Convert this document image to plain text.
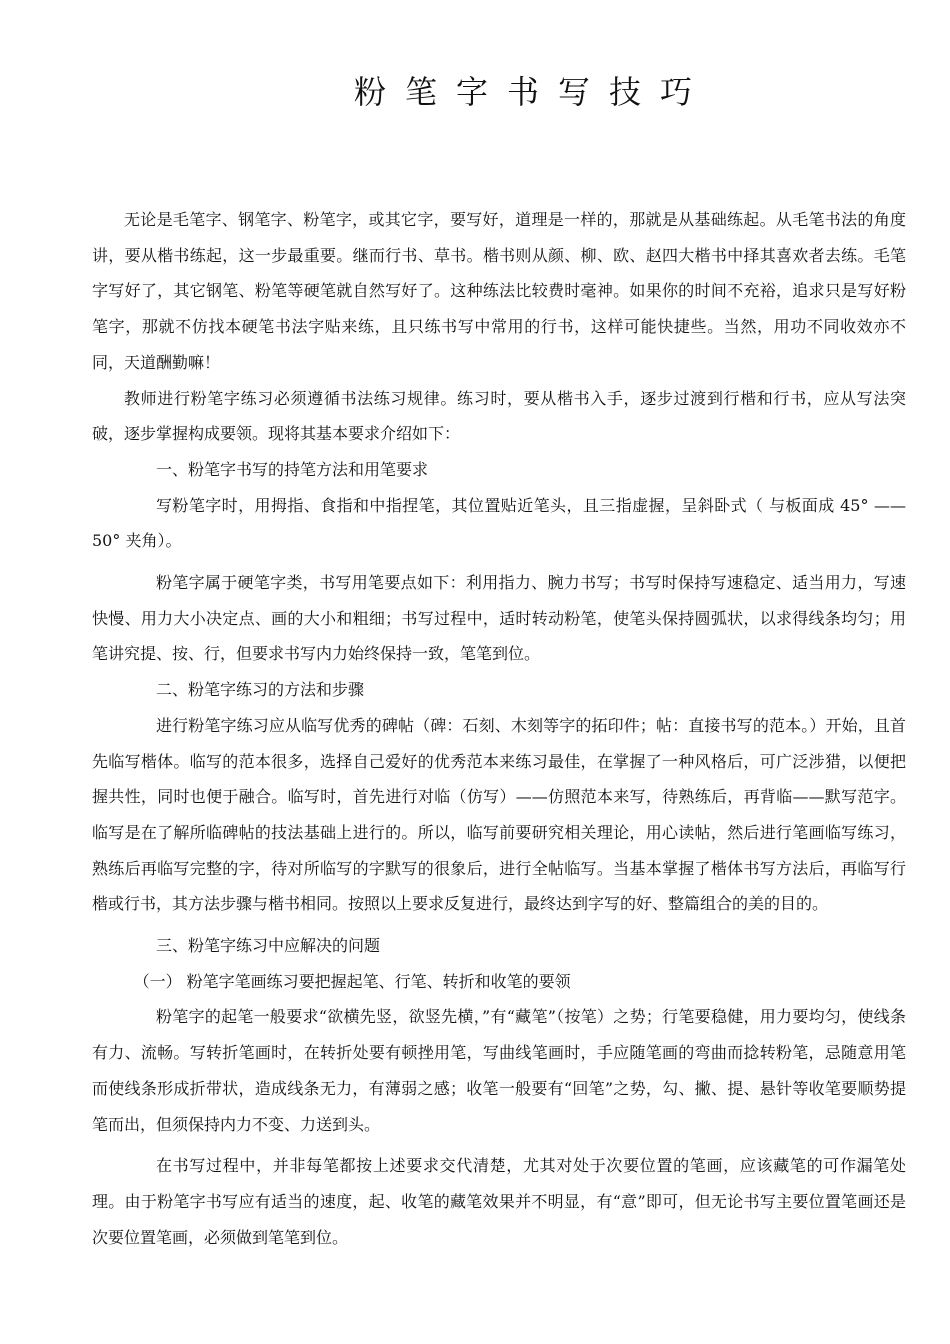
粉笔字书写技巧

无论是毛笔字、钢笔字、粉笔字，或其它字，要写好，道理是一样的，那就是从基础练起。从毛笔书法的角度讲，要从楷书练起，这一步最重要。继而行书、草书。楷书则从颜、柳、欧、赵四大楷书中择其喜欢者去练。毛笔字写好了，其它钢笔、粉笔等硬笔就自然写好了。这种练法比较费时毫神。如果你的时间不充裕，追求只是写好粉笔字，那就不仿找本硬笔书法字贴来练，且只练书写中常用的行书，这样可能快捷些。当然，用功不同收效亦不同，天道酬勤嘛！

教师进行粉笔字练习必须遵循书法练习规律。练习时，要从楷书入手，逐步过渡到行楷和行书，应从写法突破，逐步掌握构成要领。现将其基本要求介绍如下：

一、粉笔字书写的持笔方法和用笔要求

写粉笔字时，用拇指、食指和中指捏笔，其位置贴近笔头，且三指虚握，呈斜卧式（ 与板面成 45° ——50° 夹角）。

粉笔字属于硬笔字类，书写用笔要点如下：利用指力、腕力书写；书写时保持写速稳定、适当用力，写速快慢、用力大小决定点、画的大小和粗细；书写过程中，适时转动粉笔，使笔头保持圆弧状，以求得线条均匀；用笔讲究提、按、行，但要求书写内力始终保持一致，笔笔到位。

二、粉笔字练习的方法和步骤

进行粉笔字练习应从临写优秀的碑帖（碑：石刻、木刻等字的拓印件；帖：直接书写的范本。）开始，且首先临写楷体。临写的范本很多，选择自己爱好的优秀范本来练习最佳，在掌握了一种风格后，可广泛涉猎，以便把握共性，同时也便于融合。临写时，首先进行对临（仿写）——仿照范本来写，待熟练后，再背临——默写范字。临写是在了解所临碑帖的技法基础上进行的。所以，临写前要研究相关理论，用心读帖，然后进行笔画临写练习，熟练后再临写完整的字，待对所临写的字默写的很象后，进行全帖临写。当基本掌握了楷体书写方法后，再临写行楷或行书，其方法步骤与楷书相同。按照以上要求反复进行，最终达到字写的好、整篇组合的美的目的。

三、粉笔字练习中应解决的问题

（一） 粉笔字笔画练习要把握起笔、行笔、转折和收笔的要领

粉笔字的起笔一般要求“欲横先竖，欲竖先横，”有“藏笔”（按笔）之势；行笔要稳健，用力要均匀，使线条有力、流畅。写转折笔画时，在转折处要有顿挫用笔，写曲线笔画时，手应随笔画的弯曲而捻转粉笔，忌随意用笔而使线条形成折带状，造成线条无力，有薄弱之感；收笔一般要有“回笔”之势，勾、撇、提、悬针等收笔要顺势提笔而出，但须保持内力不变、力送到头。

在书写过程中，并非每笔都按上述要求交代清楚，尤其对处于次要位置的笔画，应该藏笔的可作漏笔处理。由于粉笔字书写应有适当的速度，起、收笔的藏笔效果并不明显，有“意”即可，但无论书写主要位置笔画还是次要位置笔画，必须做到笔笔到位。
